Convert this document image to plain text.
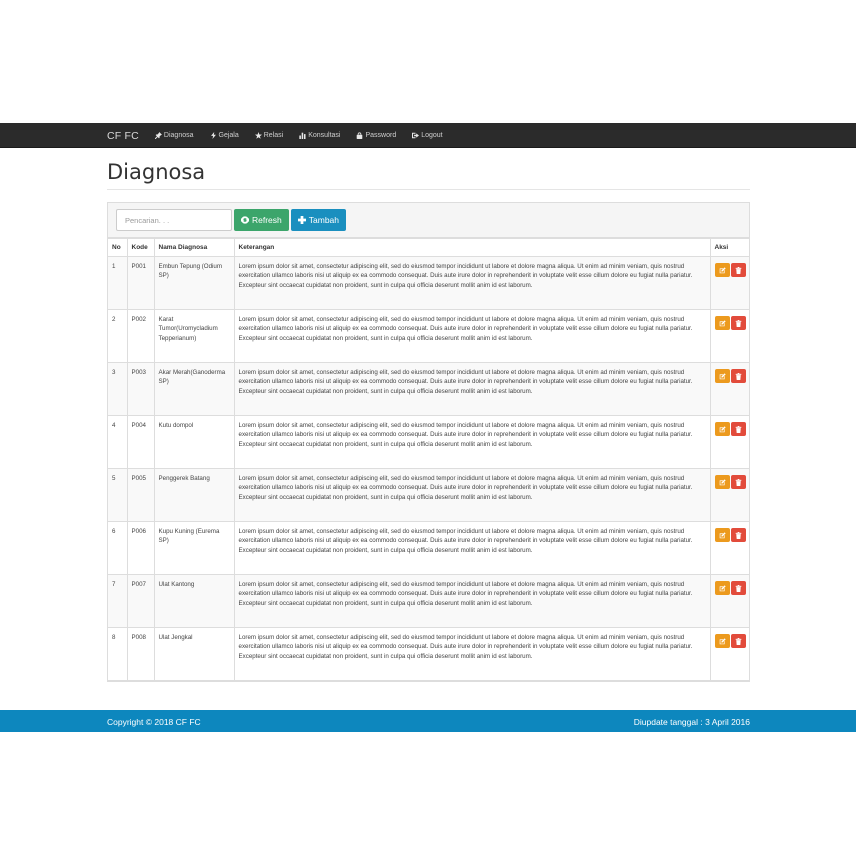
CF FC	Diagnosa	Gejala	Relasi	Konsultasi	Password	Logout
Diagnosa
Pencarian. . .
Refresh	Tambah
No	Kode	Nama Diagnosa	Keterangan	Aksi
1	P001	Embun Tepung (Odium SP)	Lorem ipsum dolor sit amet, consectetur adipiscing elit, sed do eiusmod tempor incididunt ut labore et dolore magna aliqua. Ut enim ad minim veniam, quis nostrud exercitation ullamco laboris nisi ut aliquip ex ea commodo consequat. Duis aute irure dolor in reprehenderit in voluptate velit esse cillum dolore eu fugiat nulla pariatur. Excepteur sint occaecat cupidatat non proident, sunt in culpa qui officia deserunt mollit anim id est laborum.	

2	P002	Karat Tumor(Uromycladium Tepperianum)	Lorem ipsum dolor sit amet, consectetur adipiscing elit, sed do eiusmod tempor incididunt ut labore et dolore magna aliqua. Ut enim ad minim veniam, quis nostrud exercitation ullamco laboris nisi ut aliquip ex ea commodo consequat. Duis aute irure dolor in reprehenderit in voluptate velit esse cillum dolore eu fugiat nulla pariatur. Excepteur sint occaecat cupidatat non proident, sunt in culpa qui officia deserunt mollit anim id est laborum.	

3	P003	Akar Merah(Ganoderma SP)	Lorem ipsum dolor sit amet, consectetur adipiscing elit, sed do eiusmod tempor incididunt ut labore et dolore magna aliqua. Ut enim ad minim veniam, quis nostrud exercitation ullamco laboris nisi ut aliquip ex ea commodo consequat. Duis aute irure dolor in reprehenderit in voluptate velit esse cillum dolore eu fugiat nulla pariatur. Excepteur sint occaecat cupidatat non proident, sunt in culpa qui officia deserunt mollit anim id est laborum.	

4	P004	Kutu dompol	Lorem ipsum dolor sit amet, consectetur adipiscing elit, sed do eiusmod tempor incididunt ut labore et dolore magna aliqua. Ut enim ad minim veniam, quis nostrud exercitation ullamco laboris nisi ut aliquip ex ea commodo consequat. Duis aute irure dolor in reprehenderit in voluptate velit esse cillum dolore eu fugiat nulla pariatur. Excepteur sint occaecat cupidatat non proident, sunt in culpa qui officia deserunt mollit anim id est laborum.	

5	P005	Penggerek Batang	Lorem ipsum dolor sit amet, consectetur adipiscing elit, sed do eiusmod tempor incididunt ut labore et dolore magna aliqua. Ut enim ad minim veniam, quis nostrud exercitation ullamco laboris nisi ut aliquip ex ea commodo consequat. Duis aute irure dolor in reprehenderit in voluptate velit esse cillum dolore eu fugiat nulla pariatur. Excepteur sint occaecat cupidatat non proident, sunt in culpa qui officia deserunt mollit anim id est laborum.	

6	P006	Kupu Kuning (Eurema SP)	Lorem ipsum dolor sit amet, consectetur adipiscing elit, sed do eiusmod tempor incididunt ut labore et dolore magna aliqua. Ut enim ad minim veniam, quis nostrud exercitation ullamco laboris nisi ut aliquip ex ea commodo consequat. Duis aute irure dolor in reprehenderit in voluptate velit esse cillum dolore eu fugiat nulla pariatur. Excepteur sint occaecat cupidatat non proident, sunt in culpa qui officia deserunt mollit anim id est laborum.	

7	P007	Ulat Kantong	Lorem ipsum dolor sit amet, consectetur adipiscing elit, sed do eiusmod tempor incididunt ut labore et dolore magna aliqua. Ut enim ad minim veniam, quis nostrud exercitation ullamco laboris nisi ut aliquip ex ea commodo consequat. Duis aute irure dolor in reprehenderit in voluptate velit esse cillum dolore eu fugiat nulla pariatur. Excepteur sint occaecat cupidatat non proident, sunt in culpa qui officia deserunt mollit anim id est laborum.	

8	P008	Ulat Jengkal	Lorem ipsum dolor sit amet, consectetur adipiscing elit, sed do eiusmod tempor incididunt ut labore et dolore magna aliqua. Ut enim ad minim veniam, quis nostrud exercitation ullamco laboris nisi ut aliquip ex ea commodo consequat. Duis aute irure dolor in reprehenderit in voluptate velit esse cillum dolore eu fugiat nulla pariatur. Excepteur sint occaecat cupidatat non proident, sunt in culpa qui officia deserunt mollit anim id est laborum.	
Copyright © 2018 CF FC	Diupdate tanggal : 3 April 2016
